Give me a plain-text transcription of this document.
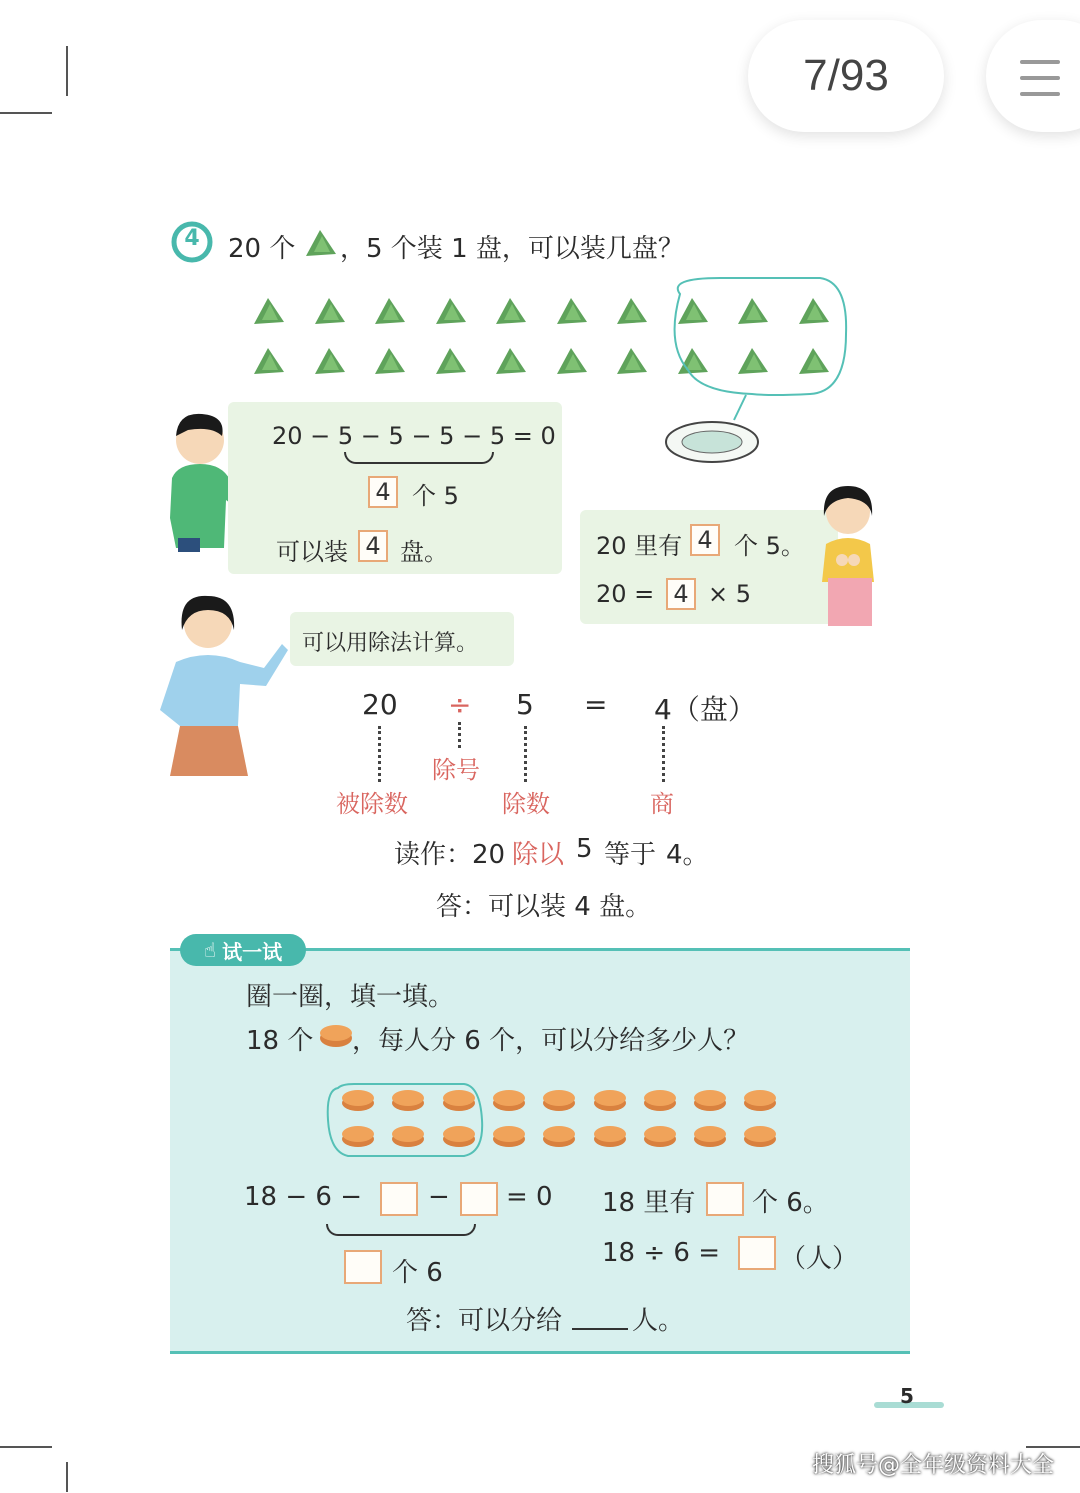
7/93
4	20 个 ，5 个装 1 盘，可以装几盘？
20 − 5 − 5 − 5 − 5 = 0
4 个 5
可以装 4 盘。	20 里有 4 个 5。
20 = 4 × 5
可以用除法计算。
20 ÷ 5 = 4（盘）
除号
被除数	除数	商
读作：20 除以 5 等于 4。
答：可以装 4 盘。
☝ 试一试
圈一圈，填一填。
18 个 ，每人分 6 个，可以分给多少人？
18 − 6 −	− = 0
个 6
18 里有 个 6。
18 ÷ 6 = （人）
答：可以分给	人。
5
搜狐号@全年级资料大全
